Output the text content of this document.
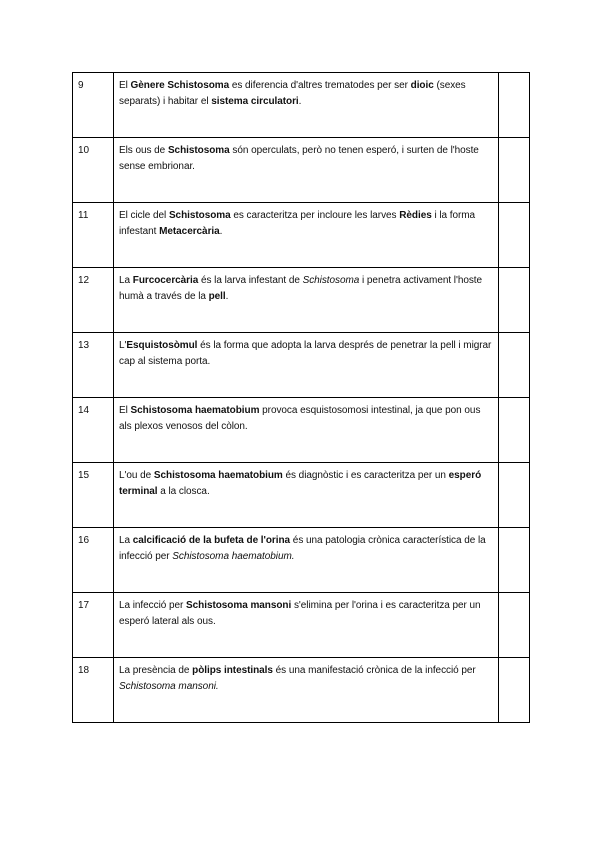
9	El Gènere Schistosoma es diferencia d'altres trematodes per ser dioic (sexes separats) i habitar el sistema circulatori.	
10	Els ous de Schistosoma són operculats, però no tenen esperó, i surten de l'hoste sense embrionar.	
11	El cicle del Schistosoma es caracteritza per incloure les larves Rèdies i la forma infestant Metacercària.	
12	La Furcocercària és la larva infestant de Schistosoma i penetra activament l'hoste humà a través de la pell.	
13	L'Esquistosòmul és la forma que adopta la larva després de penetrar la pell i migrar cap al sistema porta.	
14	El Schistosoma haematobium provoca esquistosomosi intestinal, ja que pon ous als plexos venosos del còlon.	
15	L'ou de Schistosoma haematobium és diagnòstic i es caracteritza per un esperó terminal a la closca.	
16	La calcificació de la bufeta de l'orina és una patologia crònica característica de la infecció per Schistosoma haematobium.	
17	La infecció per Schistosoma mansoni s'elimina per l'orina i es caracteritza per un esperó lateral als ous.	
18	La presència de pòlips intestinals és una manifestació crònica de la infecció per Schistosoma mansoni.	
